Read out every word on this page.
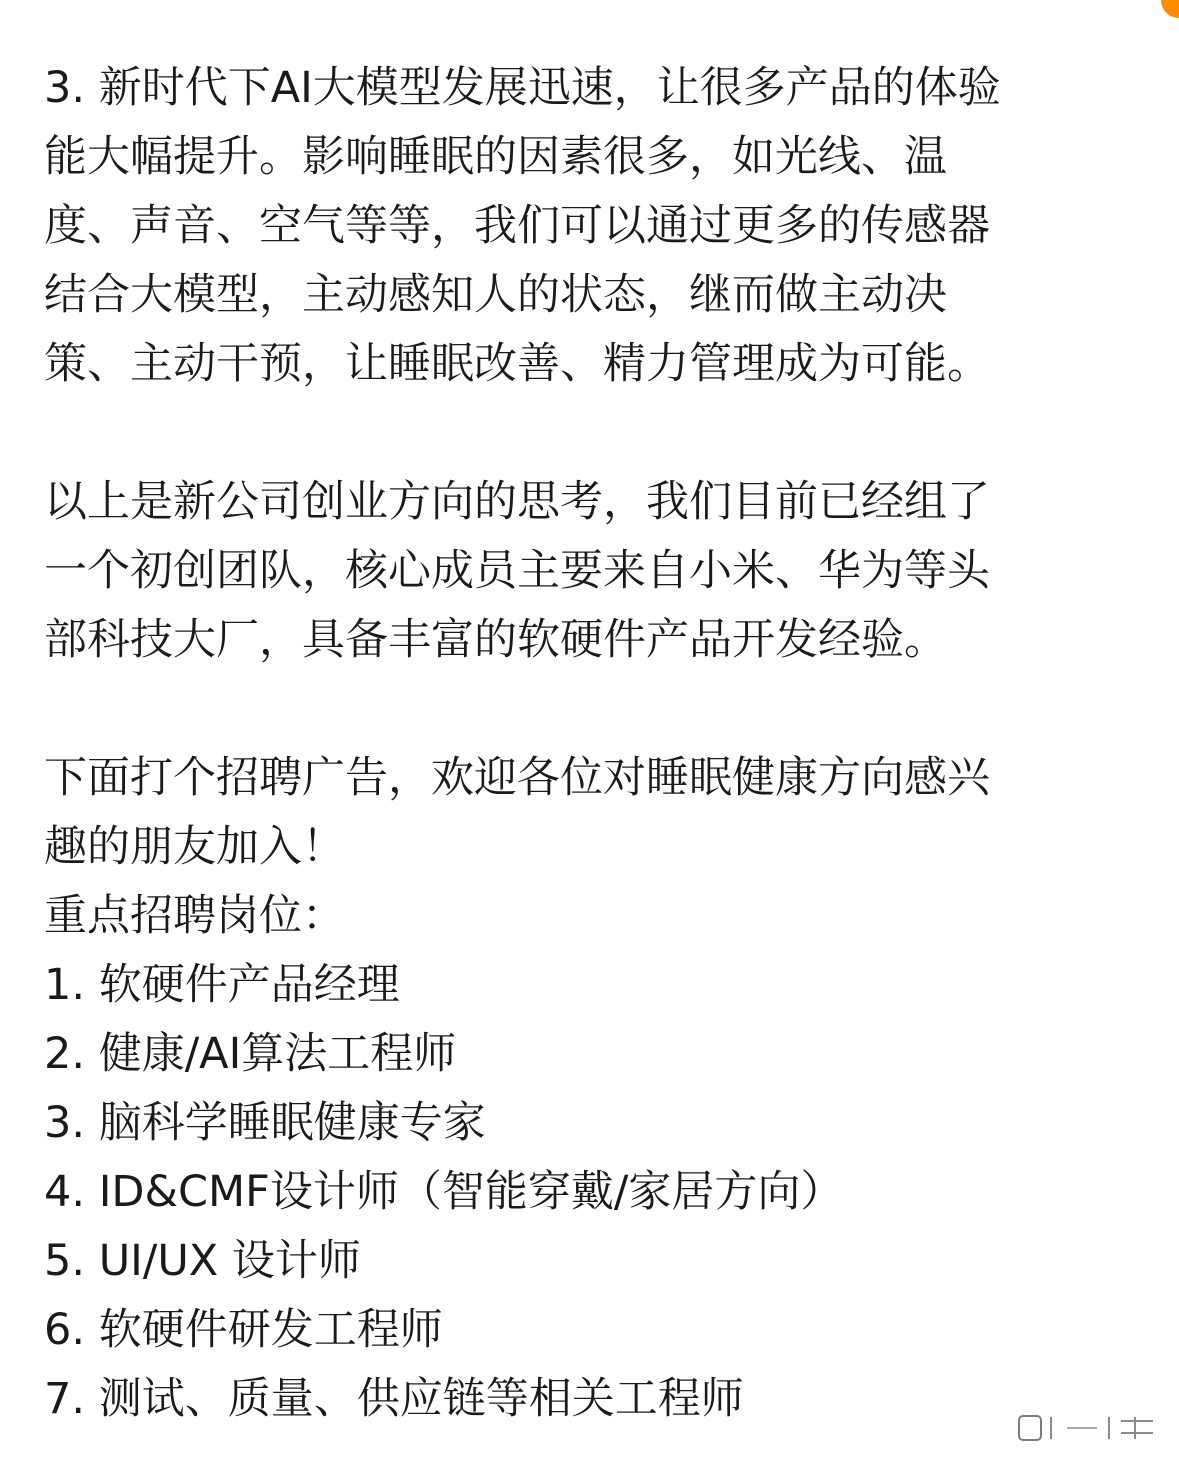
3. 新时代下AI大模型发展迅速，让很多产品的体验
能大幅提升。影响睡眠的因素很多，如光线、温
度、声音、空气等等，我们可以通过更多的传感器
结合大模型，主动感知人的状态，继而做主动决
策、主动干预，让睡眠改善、精力管理成为可能。
以上是新公司创业方向的思考，我们目前已经组了
一个初创团队，核心成员主要来自小米、华为等头
部科技大厂，具备丰富的软硬件产品开发经验。
下面打个招聘广告，欢迎各位对睡眠健康方向感兴
趣的朋友加入！
重点招聘岗位：
1. 软硬件产品经理
2. 健康/AI算法工程师
3. 脑科学睡眠健康专家
4. ID&CMF设计师（智能穿戴/家居方向）
5. UI/UX 设计师
6. 软硬件研发工程师
7. 测试、质量、供应链等相关工程师
